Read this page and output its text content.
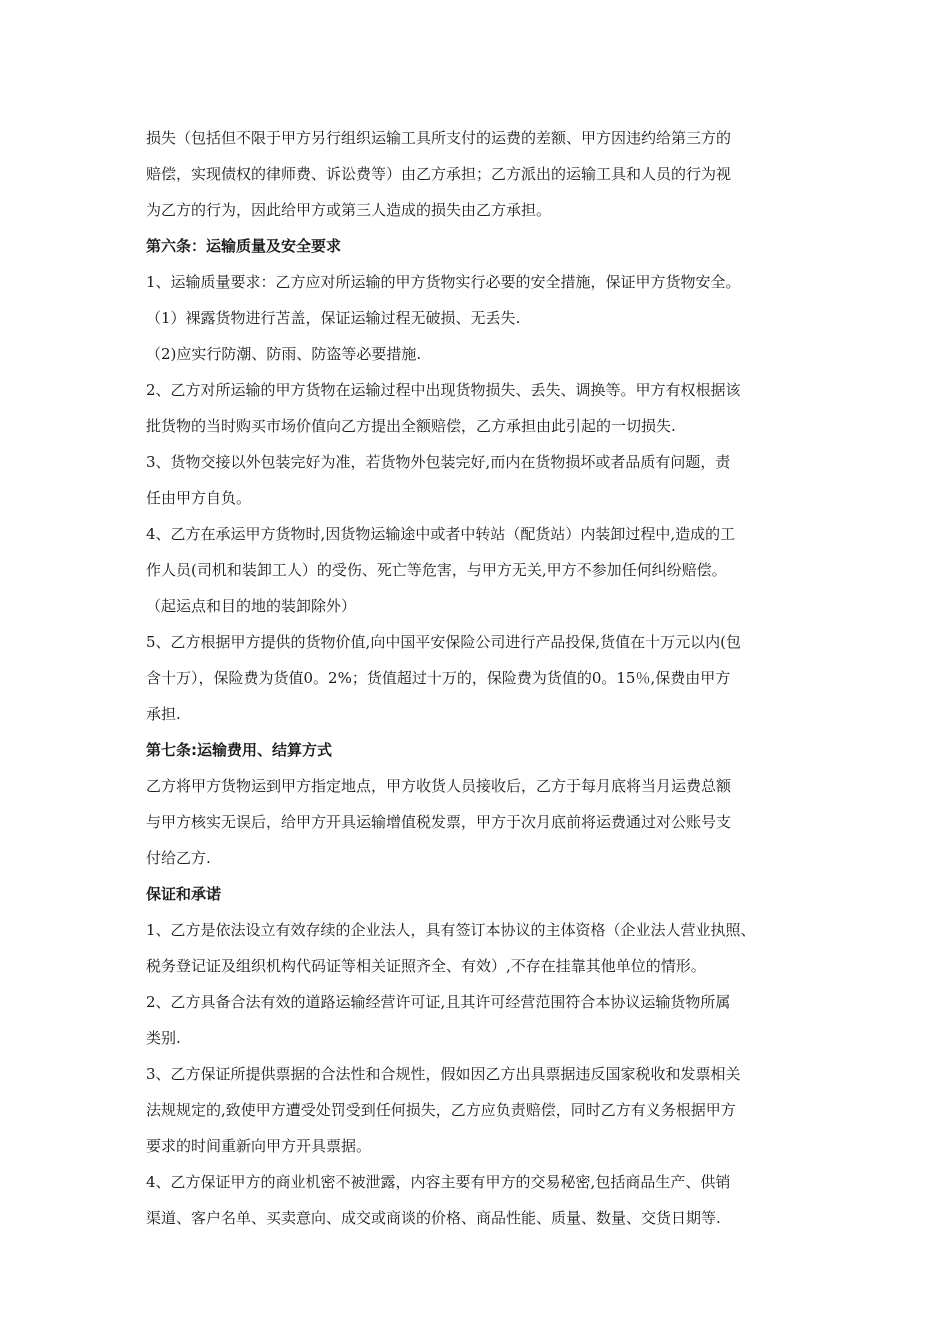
损失（包括但不限于甲方另行组织运输工具所支付的运费的差额、甲方因违约给第三方的
赔偿，实现债权的律师费、诉讼费等）由乙方承担；乙方派出的运输工具和人员的行为视
为乙方的行为，因此给甲方或第三人造成的损失由乙方承担。
第六条：运输质量及安全要求
1、运输质量要求：乙方应对所运输的甲方货物实行必要的安全措施，保证甲方货物安全。
（1）裸露货物进行苫盖，保证运输过程无破损、无丢失.
（2)应实行防潮、防雨、防盗等必要措施.
2、乙方对所运输的甲方货物在运输过程中出现货物损失、丢失、调换等。甲方有权根据该
批货物的当时购买市场价值向乙方提出全额赔偿，乙方承担由此引起的一切损失.
3、货物交接以外包装完好为准，若货物外包装完好,而内在货物损坏或者品质有问题，责
任由甲方自负。
4、乙方在承运甲方货物时,因货物运输途中或者中转站（配货站）内装卸过程中,造成的工
作人员(司机和装卸工人）的受伤、死亡等危害，与甲方无关,甲方不参加任何纠纷赔偿。
（起运点和目的地的装卸除外）
5、乙方根据甲方提供的货物价值,向中国平安保险公司进行产品投保,货值在十万元以内(包
含十万），保险费为货值0。2%；货值超过十万的，保险费为货值的0。15％,保费由甲方
承担.
第七条:运输费用、结算方式
乙方将甲方货物运到甲方指定地点，甲方收货人员接收后，乙方于每月底将当月运费总额
与甲方核实无误后，给甲方开具运输增值税发票，甲方于次月底前将运费通过对公账号支
付给乙方.
保证和承诺
1、乙方是依法设立有效存续的企业法人，具有签订本协议的主体资格（企业法人营业执照、
税务登记证及组织机构代码证等相关证照齐全、有效）,不存在挂靠其他单位的情形。
2、乙方具备合法有效的道路运输经营许可证,且其许可经营范围符合本协议运输货物所属
类别.
3、乙方保证所提供票据的合法性和合规性，假如因乙方出具票据违反国家税收和发票相关
法规规定的,致使甲方遭受处罚受到任何损失，乙方应负责赔偿，同时乙方有义务根据甲方
要求的时间重新向甲方开具票据。
4、乙方保证甲方的商业机密不被泄露，内容主要有甲方的交易秘密,包括商品生产、供销
渠道、客户名单、买卖意向、成交或商谈的价格、商品性能、质量、数量、交货日期等.
